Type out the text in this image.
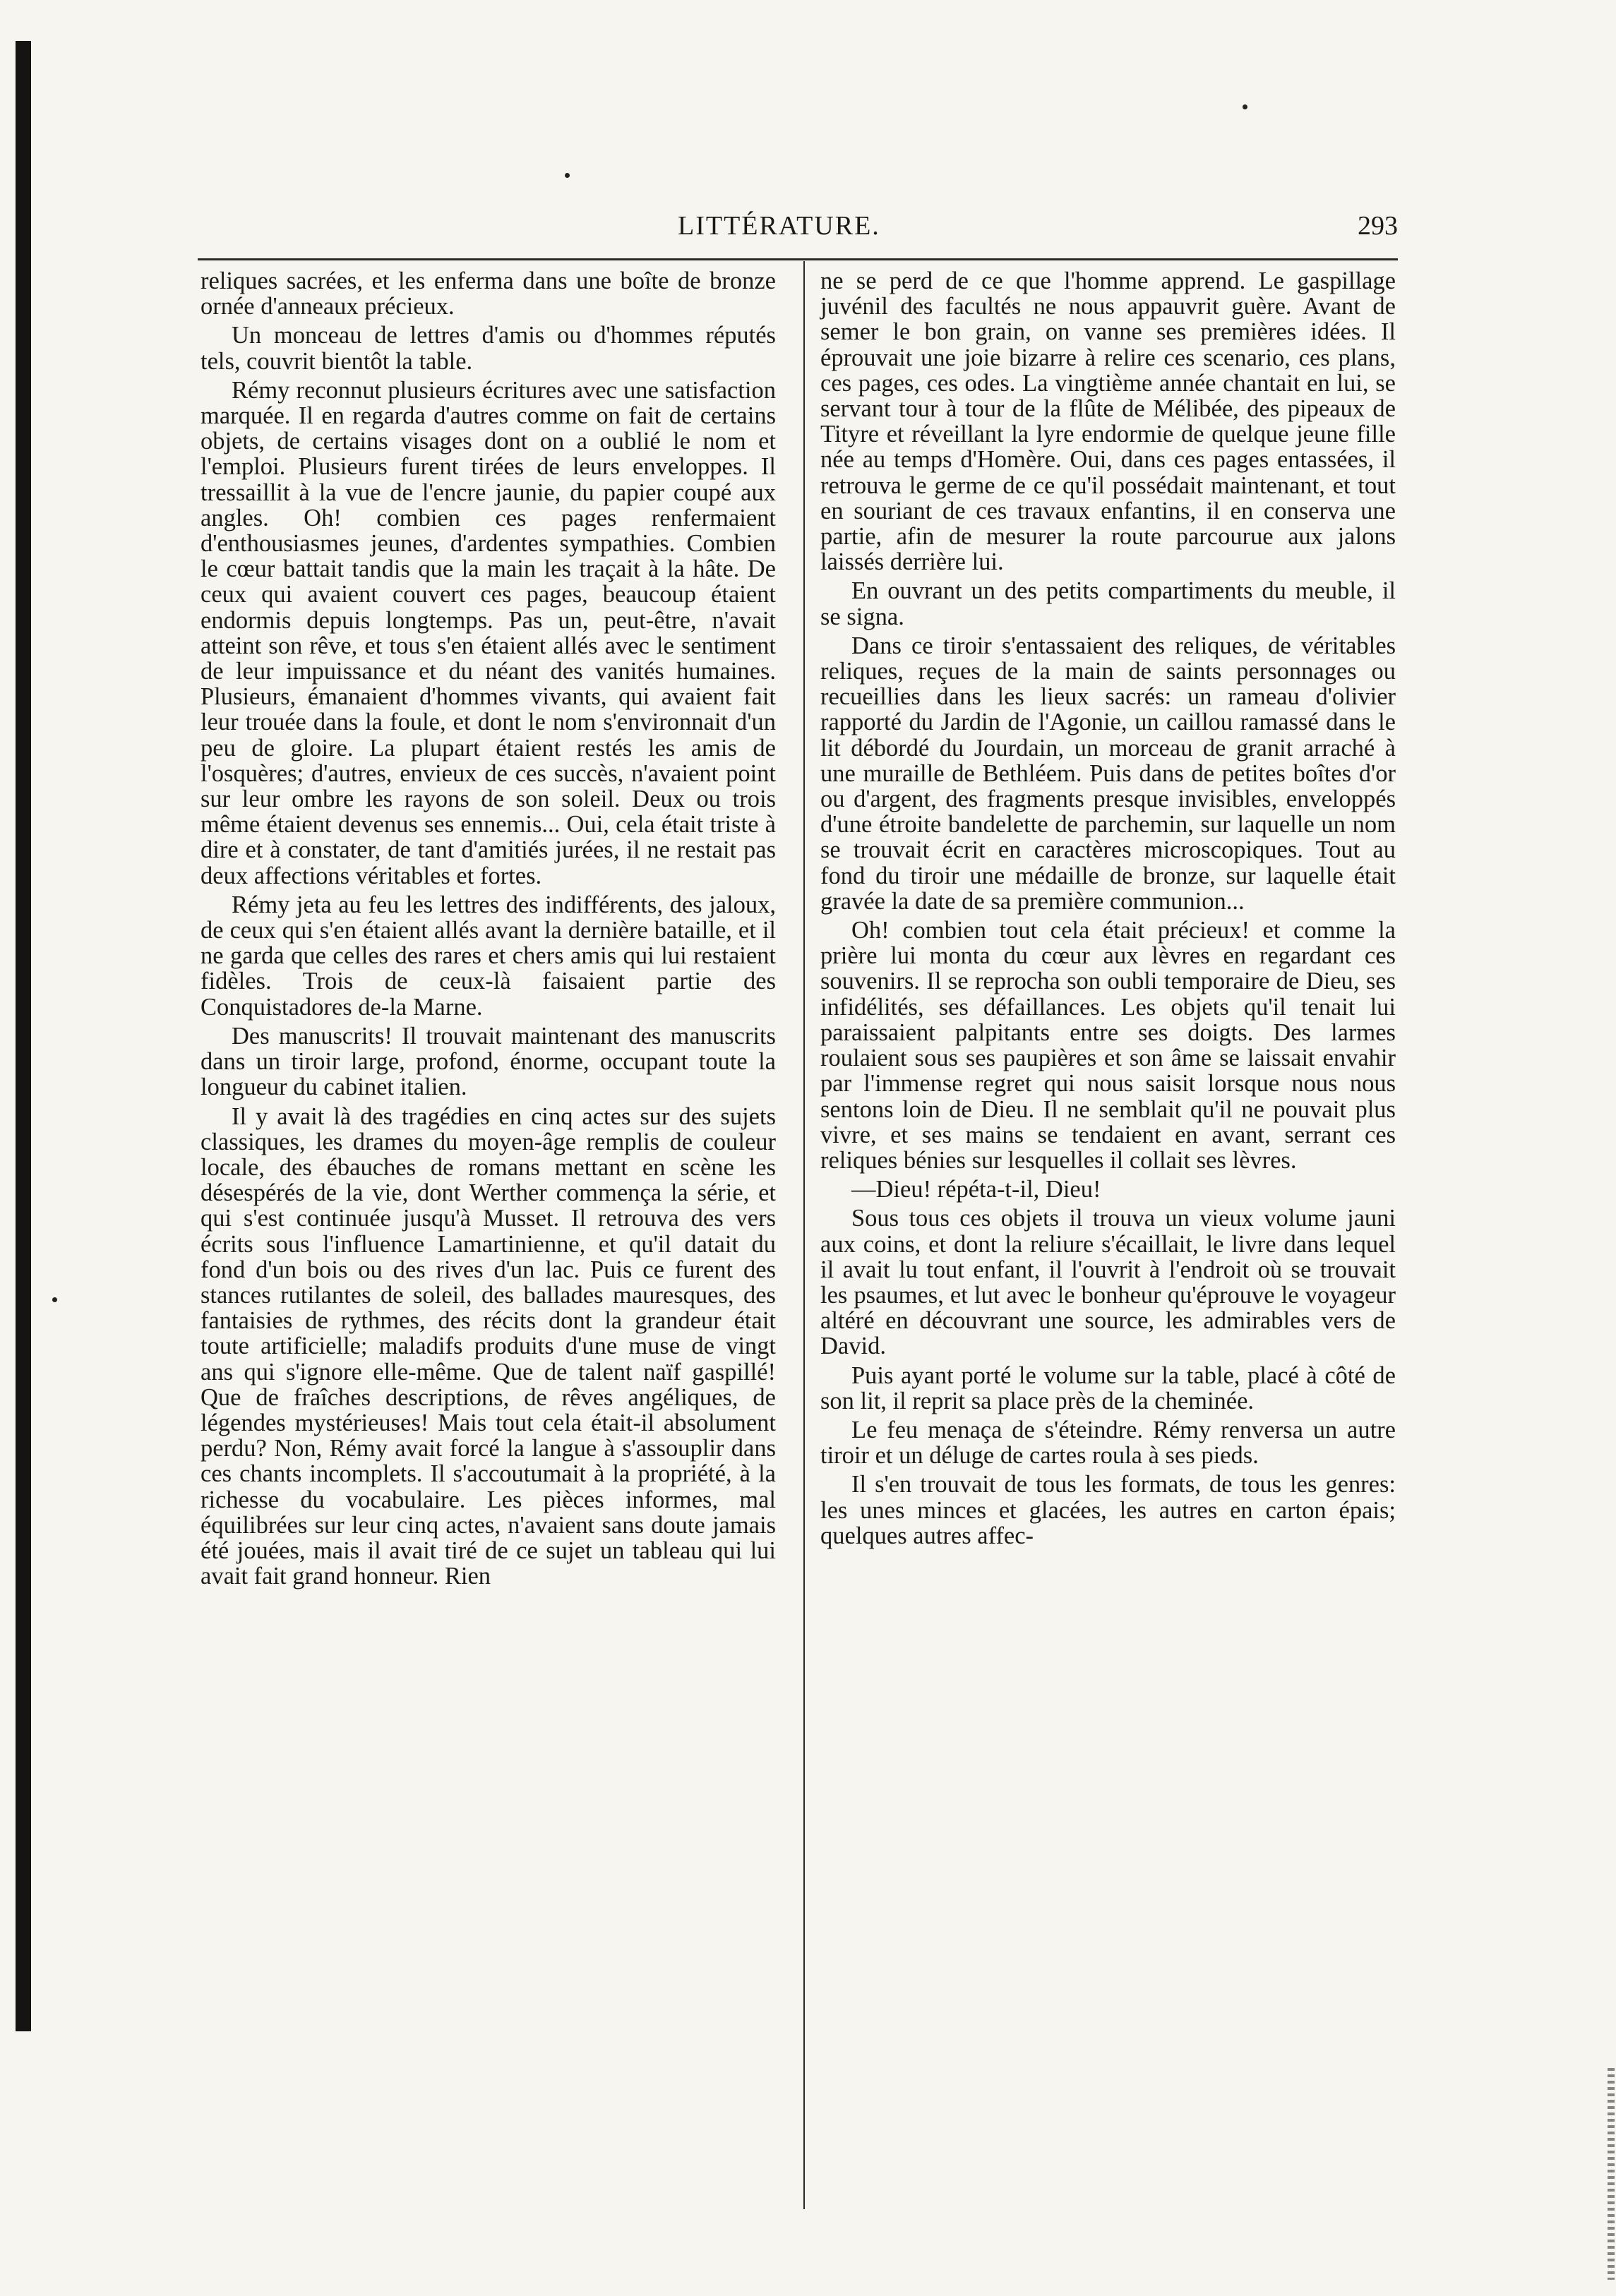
LITTÉRATURE.	293

reliques sacrées, et les enferma dans une boîte de bronze ornée d'anneaux précieux.

Un monceau de lettres d'amis ou d'hommes réputés tels, couvrit bientôt la table.

Rémy reconnut plusieurs écritures avec une satisfaction marquée. Il en regarda d'autres comme on fait de certains objets, de certains visages dont on a oublié le nom et l'emploi. Plusieurs furent tirées de leurs enveloppes. Il tressaillit à la vue de l'encre jaunie, du papier coupé aux angles. Oh! combien ces pages renfermaient d'enthousiasmes jeunes, d'ardentes sympathies. Combien le cœur battait tandis que la main les traçait à la hâte. De ceux qui avaient couvert ces pages, beaucoup étaient endormis depuis longtemps. Pas un, peut-être, n'avait atteint son rêve, et tous s'en étaient allés avec le sentiment de leur impuissance et du néant des vanités humaines. Plusieurs, émanaient d'hommes vivants, qui avaient fait leur trouée dans la foule, et dont le nom s'environnait d'un peu de gloire. La plupart étaient restés les amis de l'osquères; d'autres, envieux de ces succès, n'avaient point sur leur ombre les rayons de son soleil. Deux ou trois même étaient devenus ses ennemis... Oui, cela était triste à dire et à constater, de tant d'amitiés jurées, il ne restait pas deux affections véritables et fortes.

Rémy jeta au feu les lettres des indifférents, des jaloux, de ceux qui s'en étaient allés avant la dernière bataille, et il ne garda que celles des rares et chers amis qui lui restaient fidèles. Trois de ceux-là faisaient partie des Conquistadores de-la Marne.

Des manuscrits! Il trouvait maintenant des manuscrits dans un tiroir large, profond, énorme, occupant toute la longueur du cabinet italien.

Il y avait là des tragédies en cinq actes sur des sujets classiques, les drames du moyen-âge remplis de couleur locale, des ébauches de romans mettant en scène les désespérés de la vie, dont Werther commença la série, et qui s'est continuée jusqu'à Musset. Il retrouva des vers écrits sous l'influence Lamartinienne, et qu'il datait du fond d'un bois ou des rives d'un lac. Puis ce furent des stances rutilantes de soleil, des ballades mauresques, des fantaisies de rythmes, des récits dont la grandeur était toute artificielle; maladifs produits d'une muse de vingt ans qui s'ignore elle-même. Que de talent naïf gaspillé! Que de fraîches descriptions, de rêves angéliques, de légendes mystérieuses! Mais tout cela était-il absolument perdu? Non, Rémy avait forcé la langue à s'assouplir dans ces chants incomplets. Il s'accoutumait à la propriété, à la richesse du vocabulaire. Les pièces informes, mal équilibrées sur leur cinq actes, n'avaient sans doute jamais été jouées, mais il avait tiré de ce sujet un tableau qui lui avait fait grand honneur. Rien

ne se perd de ce que l'homme apprend. Le gaspillage juvénil des facultés ne nous appauvrit guère. Avant de semer le bon grain, on vanne ses premières idées. Il éprouvait une joie bizarre à relire ces scenario, ces plans, ces pages, ces odes. La vingtième année chantait en lui, se servant tour à tour de la flûte de Mélibée, des pipeaux de Tityre et réveillant la lyre endormie de quelque jeune fille née au temps d'Homère. Oui, dans ces pages entassées, il retrouva le germe de ce qu'il possédait maintenant, et tout en souriant de ces travaux enfantins, il en conserva une partie, afin de mesurer la route parcourue aux jalons laissés derrière lui.

En ouvrant un des petits compartiments du meuble, il se signa.

Dans ce tiroir s'entassaient des reliques, de véritables reliques, reçues de la main de saints personnages ou recueillies dans les lieux sacrés: un rameau d'olivier rapporté du Jardin de l'Agonie, un caillou ramassé dans le lit débordé du Jourdain, un morceau de granit arraché à une muraille de Bethléem. Puis dans de petites boîtes d'or ou d'argent, des fragments presque invisibles, enveloppés d'une étroite bandelette de parchemin, sur laquelle un nom se trouvait écrit en caractères microscopiques. Tout au fond du tiroir une médaille de bronze, sur laquelle était gravée la date de sa première communion...

Oh! combien tout cela était précieux! et comme la prière lui monta du cœur aux lèvres en regardant ces souvenirs. Il se reprocha son oubli temporaire de Dieu, ses infidélités, ses défaillances. Les objets qu'il tenait lui paraissaient palpitants entre ses doigts. Des larmes roulaient sous ses paupières et son âme se laissait envahir par l'immense regret qui nous saisit lorsque nous nous sentons loin de Dieu. Il ne semblait qu'il ne pouvait plus vivre, et ses mains se tendaient en avant, serrant ces reliques bénies sur lesquelles il collait ses lèvres.

—Dieu! répéta-t-il, Dieu!

Sous tous ces objets il trouva un vieux volume jauni aux coins, et dont la reliure s'écaillait, le livre dans lequel il avait lu tout enfant, il l'ouvrit à l'endroit où se trouvait les psaumes, et lut avec le bonheur qu'éprouve le voyageur altéré en découvrant une source, les admirables vers de David.

Puis ayant porté le volume sur la table, placé à côté de son lit, il reprit sa place près de la cheminée.

Le feu menaça de s'éteindre. Rémy renversa un autre tiroir et un déluge de cartes roula à ses pieds.

Il s'en trouvait de tous les formats, de tous les genres: les unes minces et glacées, les autres en carton épais; quelques autres affec-
